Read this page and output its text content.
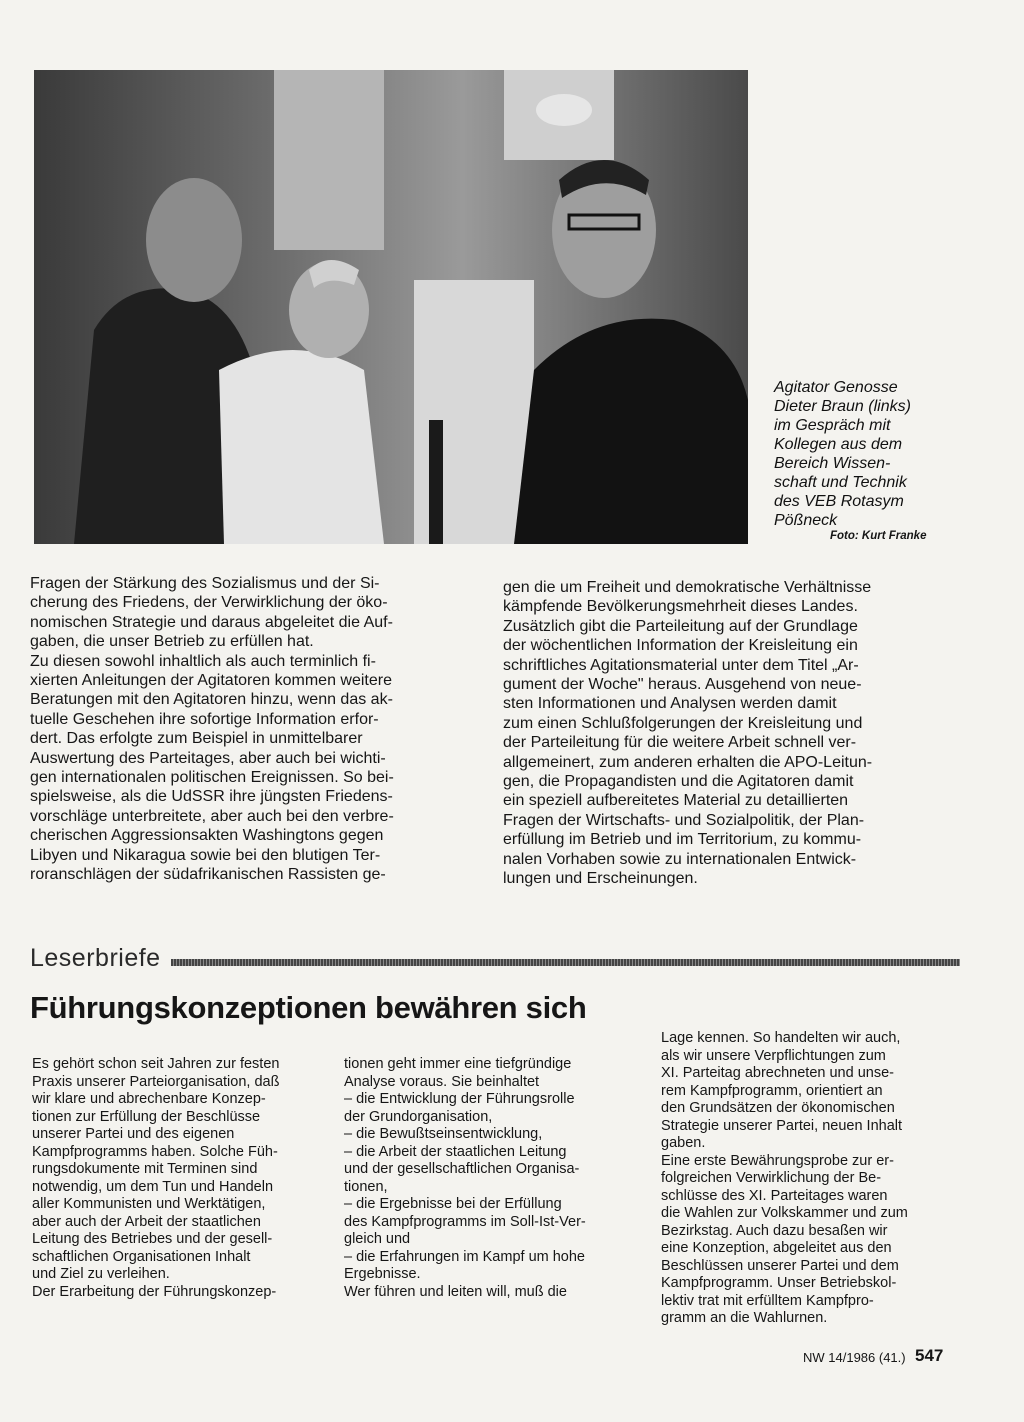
Agitator Genosse
Dieter Braun (links)
im Gespräch mit
Kollegen aus dem
Bereich Wissen-
schaft und Technik
des VEB Rotasym
Pößneck
Foto: Kurt Franke
Fragen der Stärkung des Sozialismus und der Si-
cherung des Friedens, der Verwirklichung der öko-
nomischen Strategie und daraus abgeleitet die Auf-
gaben, die unser Betrieb zu erfüllen hat.
Zu diesen sowohl inhaltlich als auch terminlich fi-
xierten Anleitungen der Agitatoren kommen weitere
Beratungen mit den Agitatoren hinzu, wenn das ak-
tuelle Geschehen ihre sofortige Information erfor-
dert. Das erfolgte zum Beispiel in unmittelbarer
Auswertung des Parteitages, aber auch bei wichti-
gen internationalen politischen Ereignissen. So bei-
spielsweise, als die UdSSR ihre jüngsten Friedens-
vorschläge unterbreitete, aber auch bei den verbre-
cherischen Aggressionsakten Washingtons gegen
Libyen und Nikaragua sowie bei den blutigen Ter-
roranschlägen der südafrikanischen Rassisten ge-
gen die um Freiheit und demokratische Verhältnisse
kämpfende Bevölkerungsmehrheit dieses Landes.
Zusätzlich gibt die Parteileitung auf der Grundlage
der wöchentlichen Information der Kreisleitung ein
schriftliches Agitationsmaterial unter dem Titel „Ar-
gument der Woche" heraus. Ausgehend von neue-
sten Informationen und Analysen werden damit
zum einen Schlußfolgerungen der Kreisleitung und
der Parteileitung für die weitere Arbeit schnell ver-
allgemeinert, zum anderen erhalten die APO-Leitun-
gen, die Propagandisten und die Agitatoren damit
ein speziell aufbereitetes Material zu detaillierten
Fragen der Wirtschafts- und Sozialpolitik, der Plan-
erfüllung im Betrieb und im Territorium, zu kommu-
nalen Vorhaben sowie zu internationalen Entwick-
lungen und Erscheinungen.
Leserbriefe
Führungskonzeptionen bewähren sich
Es gehört schon seit Jahren zur festen
Praxis unserer Parteiorganisation, daß
wir klare und abrechenbare Konzep-
tionen zur Erfüllung der Beschlüsse
unserer Partei und des eigenen
Kampfprogramms haben. Solche Füh-
rungsdokumente mit Terminen sind
notwendig, um dem Tun und Handeln
aller Kommunisten und Werktätigen,
aber auch der Arbeit der staatlichen
Leitung des Betriebes und der gesell-
schaftlichen Organisationen Inhalt
und Ziel zu verleihen.
Der Erarbeitung der Führungskonzep-
tionen geht immer eine tiefgründige
Analyse voraus. Sie beinhaltet
– die Entwicklung der Führungsrolle
der Grundorganisation,
– die Bewußtseinsentwicklung,
– die Arbeit der staatlichen Leitung
und der gesellschaftlichen Organisa-
tionen,
– die Ergebnisse bei der Erfüllung
des Kampfprogramms im Soll-Ist-Ver-
gleich und
– die Erfahrungen im Kampf um hohe
Ergebnisse.
Wer führen und leiten will, muß die
Lage kennen. So handelten wir auch,
als wir unsere Verpflichtungen zum
XI. Parteitag abrechneten und unse-
rem Kampfprogramm, orientiert an
den Grundsätzen der ökonomischen
Strategie unserer Partei, neuen Inhalt
gaben.
Eine erste Bewährungsprobe zur er-
folgreichen Verwirklichung der Be-
schlüsse des XI. Parteitages waren
die Wahlen zur Volkskammer und zum
Bezirkstag. Auch dazu besaßen wir
eine Konzeption, abgeleitet aus den
Beschlüssen unserer Partei und dem
Kampfprogramm. Unser Betriebskol-
lektiv trat mit erfülltem Kampfpro-
gramm an die Wahlurnen.
NW 14/1986 (41.) 547
